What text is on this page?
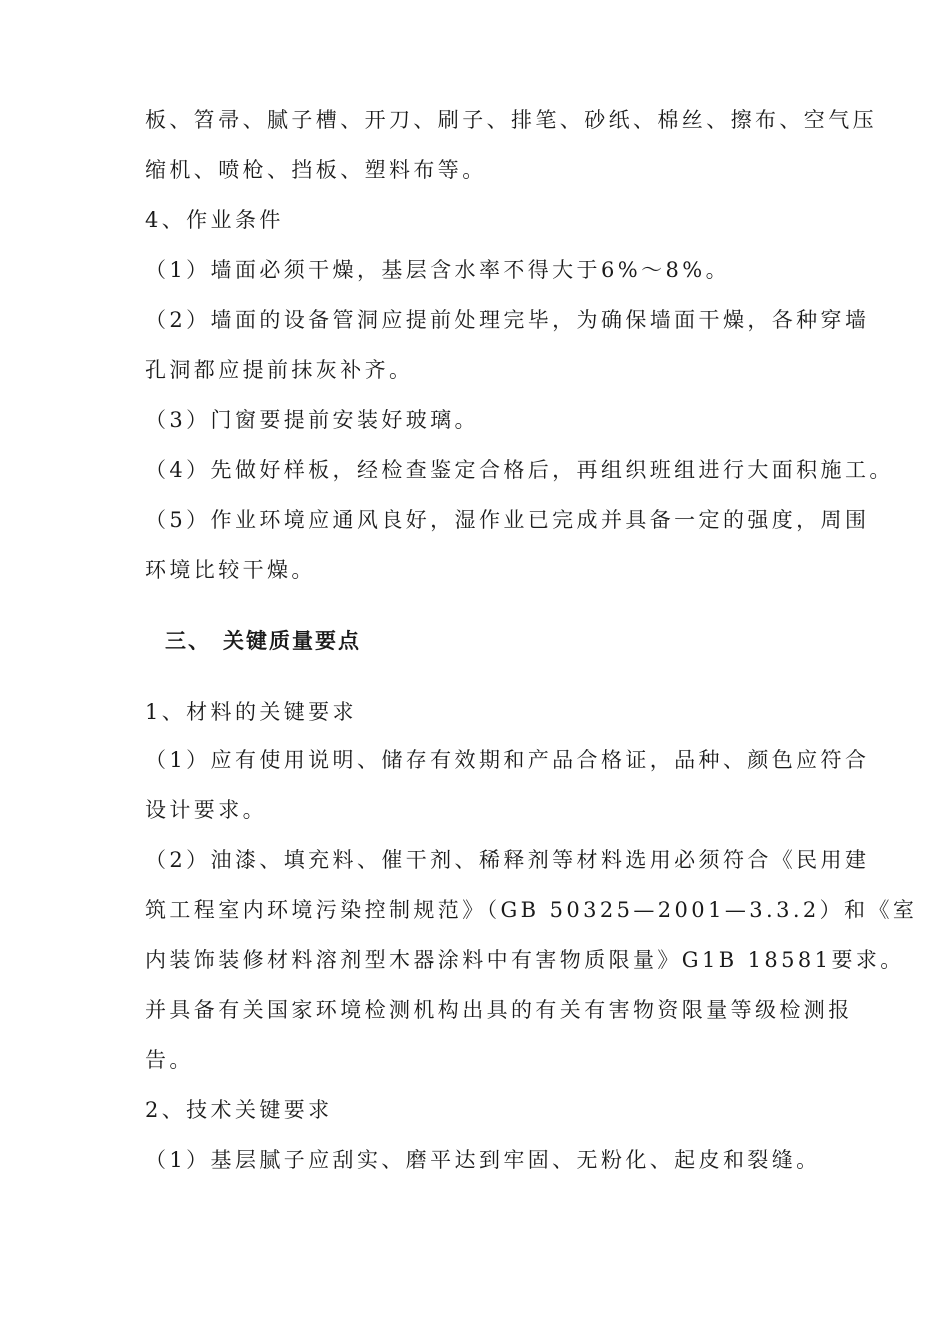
板、笤帚、腻子槽、开刀、刷子、排笔、砂纸、棉丝、擦布、空气压
缩机、喷枪、挡板、塑料布等。
4、作业条件
（1）墙面必须干燥，基层含水率不得大于6%～8%。
（2）墙面的设备管洞应提前处理完毕，为确保墙面干燥，各种穿墙
孔洞都应提前抹灰补齐。
（3）门窗要提前安装好玻璃。
（4）先做好样板，经检查鉴定合格后，再组织班组进行大面积施工。
（5）作业环境应通风良好，湿作业已完成并具备一定的强度，周围
环境比较干燥。
三、 关键质量要点
1、材料的关键要求
（1）应有使用说明、储存有效期和产品合格证，品种、颜色应符合
设计要求。
（2）油漆、填充料、催干剂、稀释剂等材料选用必须符合《民用建
筑工程室内环境污染控制规范》（GB 50325—2001—3.3.2）和《室
内装饰装修材料溶剂型木器涂料中有害物质限量》G1B 18581要求。
并具备有关国家环境检测机构出具的有关有害物资限量等级检测报
告。
2、技术关键要求
（1）基层腻子应刮实、磨平达到牢固、无粉化、起皮和裂缝。
